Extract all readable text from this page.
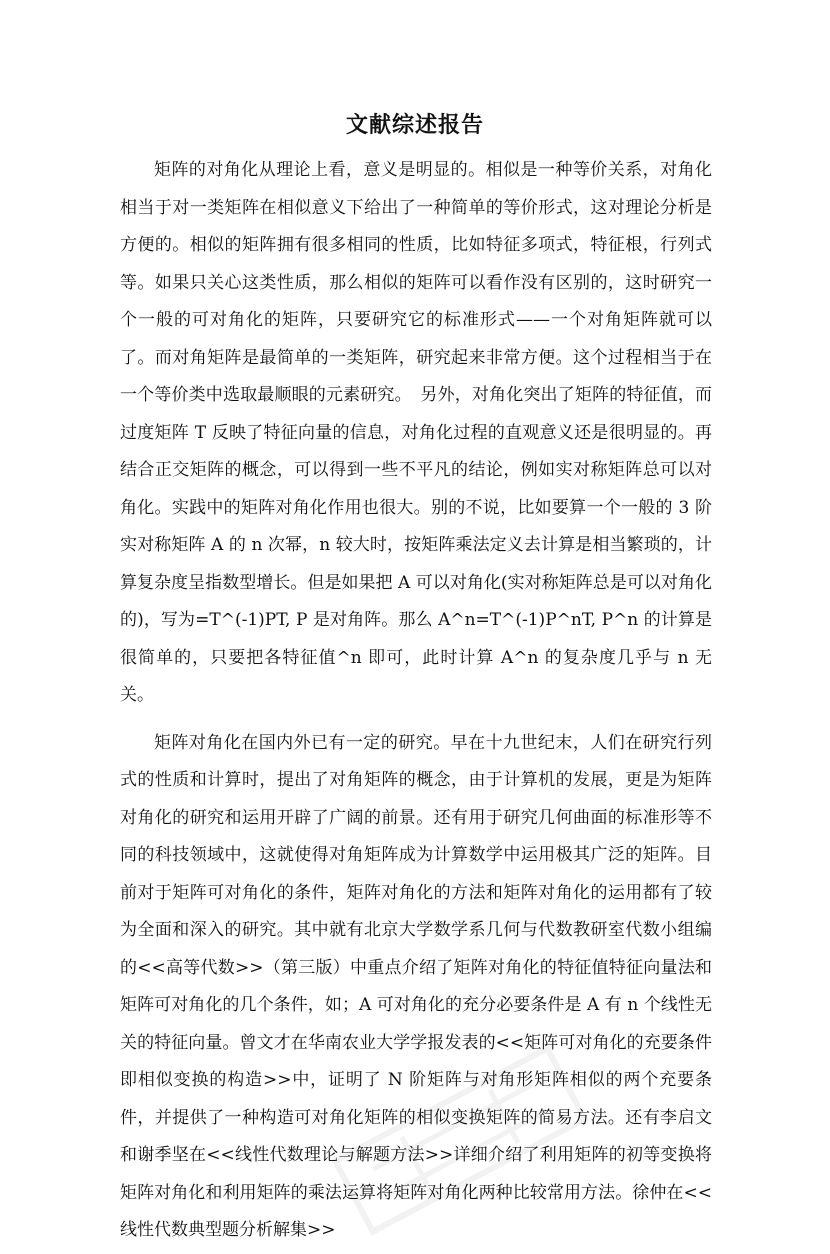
文献综述报告

矩阵的对角化从理论上看，意义是明显的。相似是一种等价关系，对角化相当于对一类矩阵在相似意义下给出了一种简单的等价形式，这对理论分析是方便的。相似的矩阵拥有很多相同的性质，比如特征多项式，特征根，行列式等。如果只关心这类性质，那么相似的矩阵可以看作没有区别的，这时研究一个一般的可对角化的矩阵，只要研究它的标准形式——一个对角矩阵就可以了。而对角矩阵是最简单的一类矩阵，研究起来非常方便。这个过程相当于在一个等价类中选取最顺眼的元素研究。　另外，对角化突出了矩阵的特征值，而过度矩阵 T 反映了特征向量的信息，对角化过程的直观意义还是很明显的。再结合正交矩阵的概念，可以得到一些不平凡的结论，例如实对称矩阵总可以对角化。实践中的矩阵对角化作用也很大。别的不说，比如要算一个一般的 3 阶实对称矩阵 A 的 n 次幂，n 较大时，按矩阵乘法定义去计算是相当繁琐的，计算复杂度呈指数型增长。但是如果把 A 可以对角化(实对称矩阵总是可以对角化的)，写为=T^(-1)PT, P 是对角阵。那么 A^n=T^(-1)P^nT, P^n 的计算是很简单的，只要把各特征值^n 即可，此时计算 A^n 的复杂度几乎与 n 无关。

矩阵对角化在国内外已有一定的研究。早在十九世纪末，人们在研究行列式的性质和计算时，提出了对角矩阵的概念，由于计算机的发展，更是为矩阵对角化的研究和运用开辟了广阔的前景。还有用于研究几何曲面的标准形等不同的科技领域中，这就使得对角矩阵成为计算数学中运用极其广泛的矩阵。目前对于矩阵可对角化的条件，矩阵对角化的方法和矩阵对角化的运用都有了较为全面和深入的研究。其中就有北京大学数学系几何与代数教研室代数小组编的<<高等代数>>（第三版）中重点介绍了矩阵对角化的特征值特征向量法和矩阵可对角化的几个条件，如；A 可对角化的充分必要条件是 A 有 n 个线性无关的特征向量。曾文才在华南农业大学学报发表的<<矩阵可对角化的充要条件即相似变换的构造>>中，证明了 N 阶矩阵与对角形矩阵相似的两个充要条件，并提供了一种构造可对角化矩阵的相似变换矩阵的简易方法。还有李启文和谢季坚在<<线性代数理论与解题方法>>详细介绍了利用矩阵的初等变换将矩阵对角化和利用矩阵的乘法运算将矩阵对角化两种比较常用方法。徐仲在<<线性代数典型题分析解集>>
